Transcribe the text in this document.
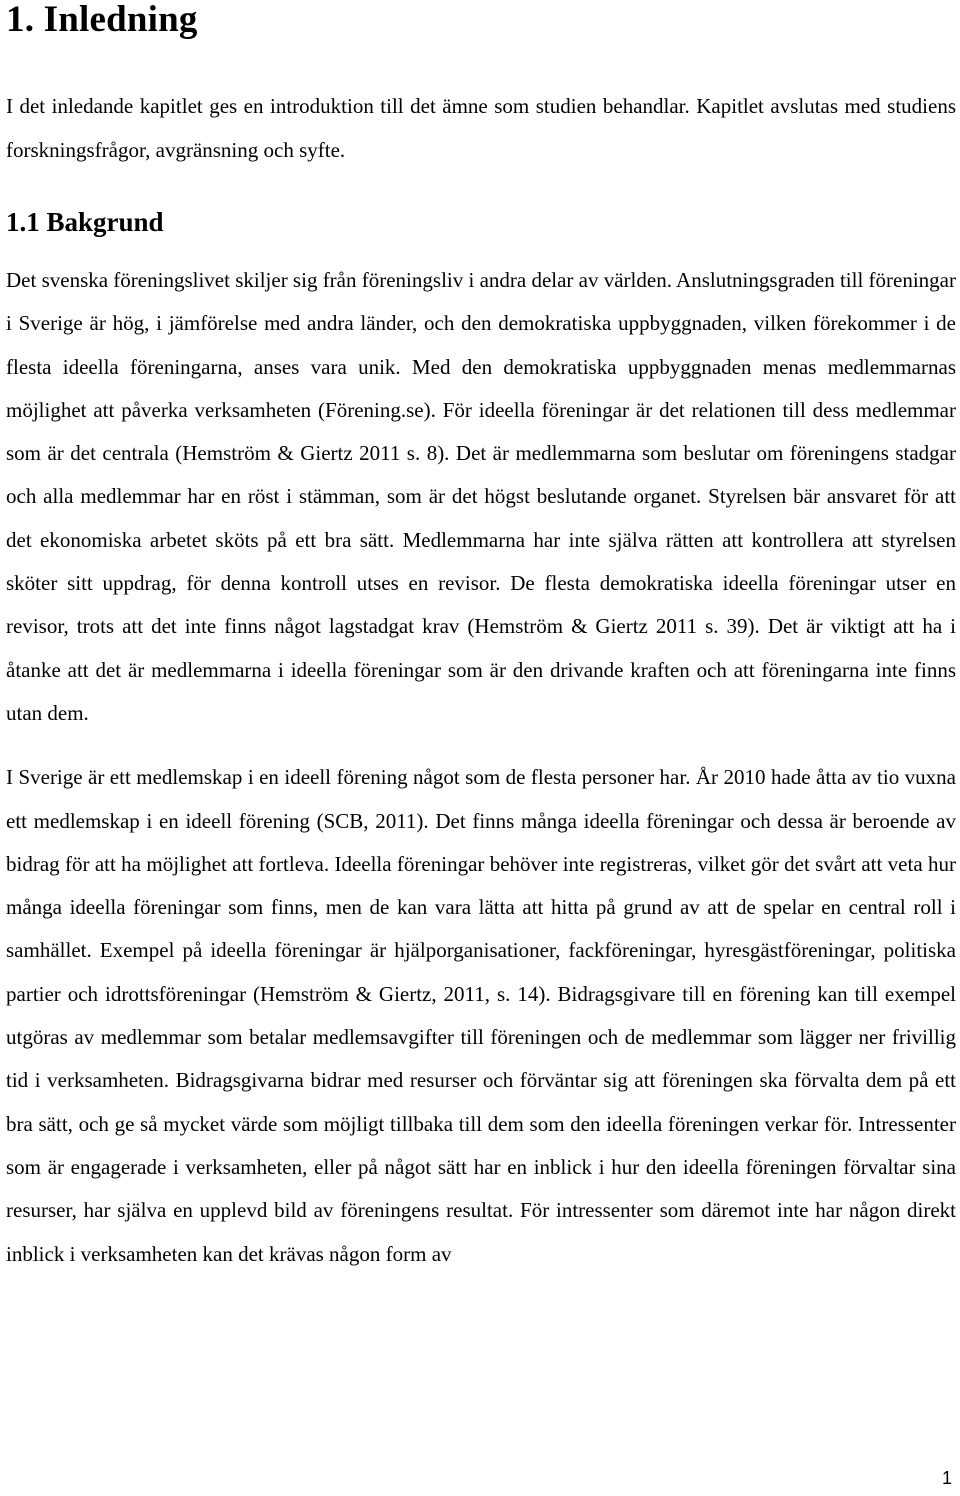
1. Inledning

I det inledande kapitlet ges en introduktion till det ämne som studien behandlar. Kapitlet avslutas med studiens forskningsfrågor, avgränsning och syfte.

1.1 Bakgrund

Det svenska föreningslivet skiljer sig från föreningsliv i andra delar av världen. Anslutningsgraden till föreningar i Sverige är hög, i jämförelse med andra länder, och den demokratiska uppbyggnaden, vilken förekommer i de flesta ideella föreningarna, anses vara unik. Med den demokratiska uppbyggnaden menas medlemmarnas möjlighet att påverka verksamheten (Förening.se). För ideella föreningar är det relationen till dess medlemmar som är det centrala (Hemström & Giertz 2011 s. 8). Det är medlemmarna som beslutar om föreningens stadgar och alla medlemmar har en röst i stämman, som är det högst beslutande organet. Styrelsen bär ansvaret för att det ekonomiska arbetet sköts på ett bra sätt. Medlemmarna har inte själva rätten att kontrollera att styrelsen sköter sitt uppdrag, för denna kontroll utses en revisor. De flesta demokratiska ideella föreningar utser en revisor, trots att det inte finns något lagstadgat krav (Hemström & Giertz 2011 s. 39). Det är viktigt att ha i åtanke att det är medlemmarna i ideella föreningar som är den drivande kraften och att föreningarna inte finns utan dem.

I Sverige är ett medlemskap i en ideell förening något som de flesta personer har. År 2010 hade åtta av tio vuxna ett medlemskap i en ideell förening (SCB, 2011). Det finns många ideella föreningar och dessa är beroende av bidrag för att ha möjlighet att fortleva. Ideella föreningar behöver inte registreras, vilket gör det svårt att veta hur många ideella föreningar som finns, men de kan vara lätta att hitta på grund av att de spelar en central roll i samhället. Exempel på ideella föreningar är hjälporganisationer, fackföreningar, hyresgästföreningar, politiska partier och idrottsföreningar (Hemström & Giertz, 2011, s. 14). Bidragsgivare till en förening kan till exempel utgöras av medlemmar som betalar medlemsavgifter till föreningen och de medlemmar som lägger ner frivillig tid i verksamheten. Bidragsgivarna bidrar med resurser och förväntar sig att föreningen ska förvalta dem på ett bra sätt, och ge så mycket värde som möjligt tillbaka till dem som den ideella föreningen verkar för. Intressenter som är engagerade i verksamheten, eller på något sätt har en inblick i hur den ideella föreningen förvaltar sina resurser, har själva en upplevd bild av föreningens resultat. För intressenter som däremot inte har någon direkt inblick i verksamheten kan det krävas någon form av

1
